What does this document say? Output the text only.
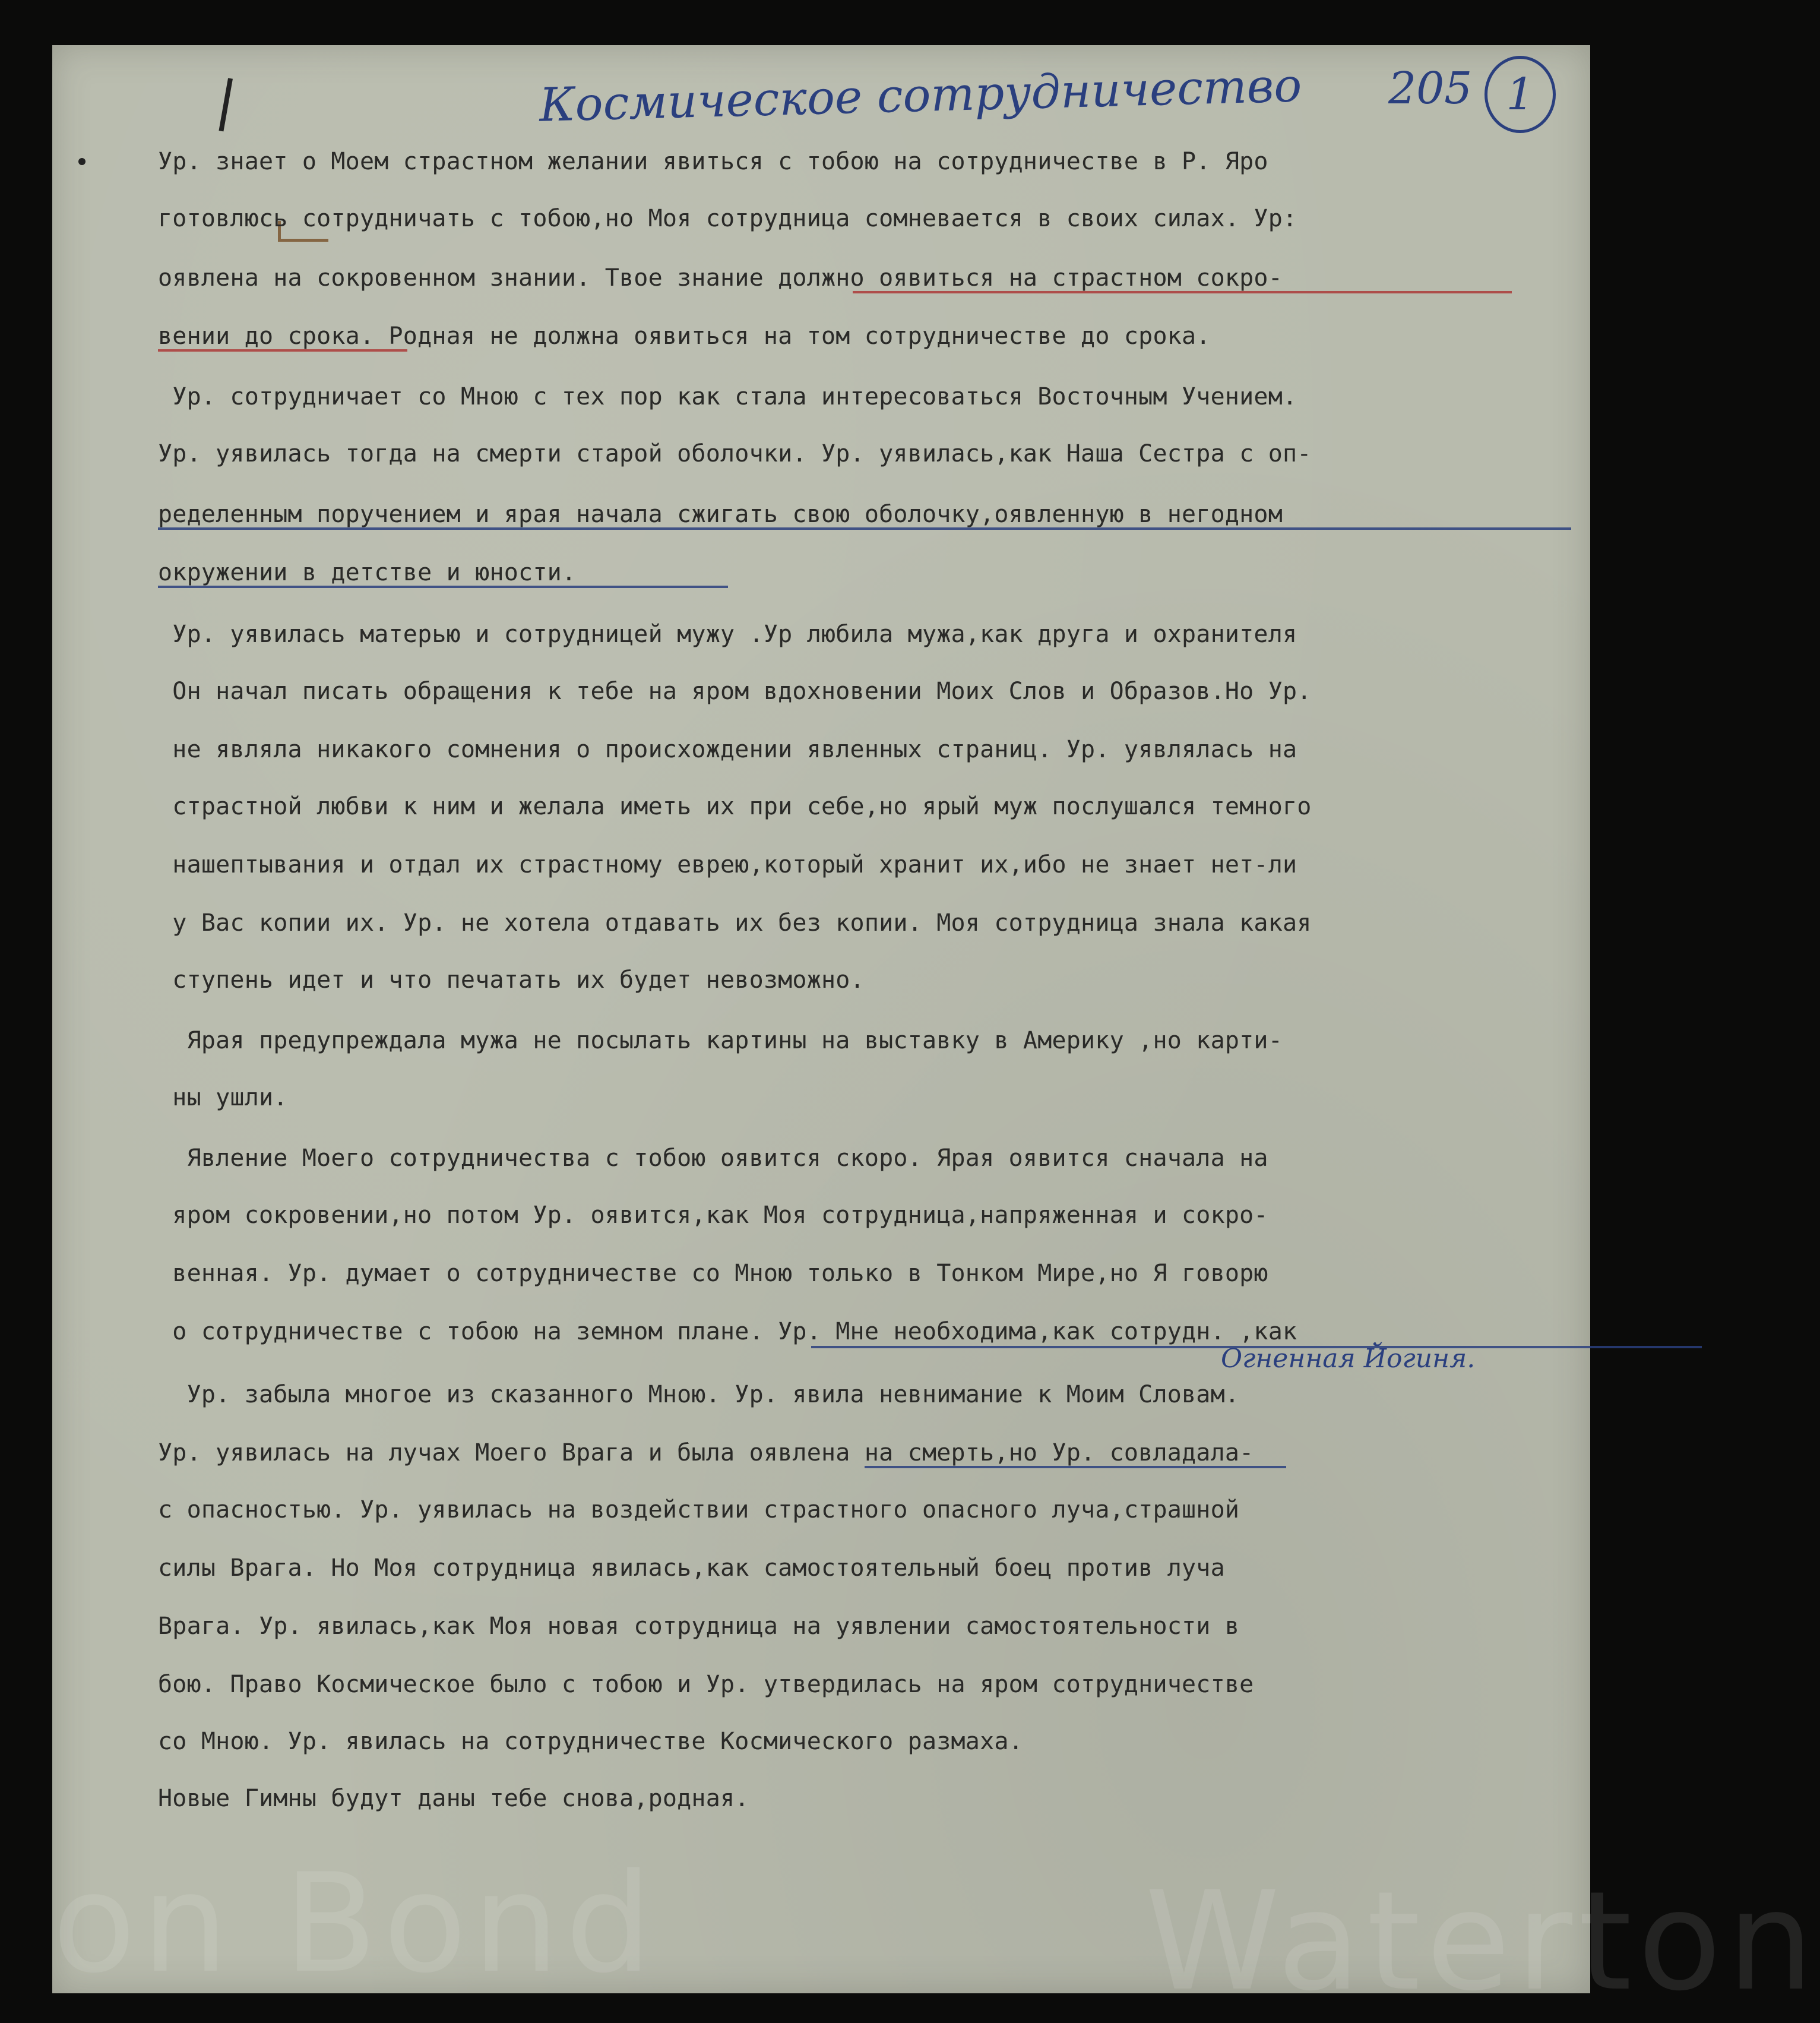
on Bond	Waterton
Космическое сотрудничество 205 1
Ур. знает о Моем страстном желании явиться с тобою на сотрудничестве в Р. Яро
готовлюсь сотрудничать с тобою,но Моя сотрудница сомневается в своих силах. Ур:
оявлена на сокровенном знании. Твое знание должно оявиться на страстном сокро-
вении до срока. Родная не должна оявиться на том сотрудничестве до срока.
Ур. сотрудничает со Мною с тех пор как стала интересоваться Восточным Учением.
Ур. уявилась тогда на смерти старой оболочки. Ур. уявилась,как Наша Сестра с оп-
ределенным поручением и ярая начала сжигать свою оболочку,оявленную в негодном
окружении в детстве и юности.
Ур. уявилась матерью и сотрудницей мужу .Ур любила мужа,как друга и охранителя
Он начал писать обращения к тебе на яром вдохновении Моих Слов и Образов.Но Ур.
не являла никакого сомнения о происхождении явленных страниц. Ур. уявлялась на
страстной любви к ним и желала иметь их при себе,но ярый муж послушался темного
нашептывания и отдал их страстному еврею,который хранит их,ибо не знает нет-ли
у Вас копии их. Ур. не хотела отдавать их без копии. Моя сотрудница знала какая
ступень идет и что печатать их будет невозможно.
Ярая предупреждала мужа не посылать картины на выставку в Америку ,но карти-
ны ушли.
Явление Моего сотрудничества с тобою оявится скоро. Ярая оявится сначала на
яром сокровении,но потом Ур. оявится,как Моя сотрудница,напряженная и сокро-
венная. Ур. думает о сотрудничестве со Мною только в Тонком Мире,но Я говорю
о сотрудничестве с тобою на земном плане. Ур. Мне необходима,как сотрудн. ,как
Огненная Йогиня.
Ур. забыла многое из сказанного Мною. Ур. явила невнимание к Моим Словам.
Ур. уявилась на лучах Моего Врага и была оявлена на смерть,но Ур. совладала-
с опасностью. Ур. уявилась на воздействии страстного опасного луча,страшной
силы Врага. Но Моя сотрудница явилась,как самостоятельный боец против луча
Врага. Ур. явилась,как Моя новая сотрудница на уявлении самостоятельности в
бою. Право Космическое было с тобою и Ур. утвердилась на яром сотрудничестве
со Мною. Ур. явилась на сотрудничестве Космического размаха.
Новые Гимны будут даны тебе снова,родная.
